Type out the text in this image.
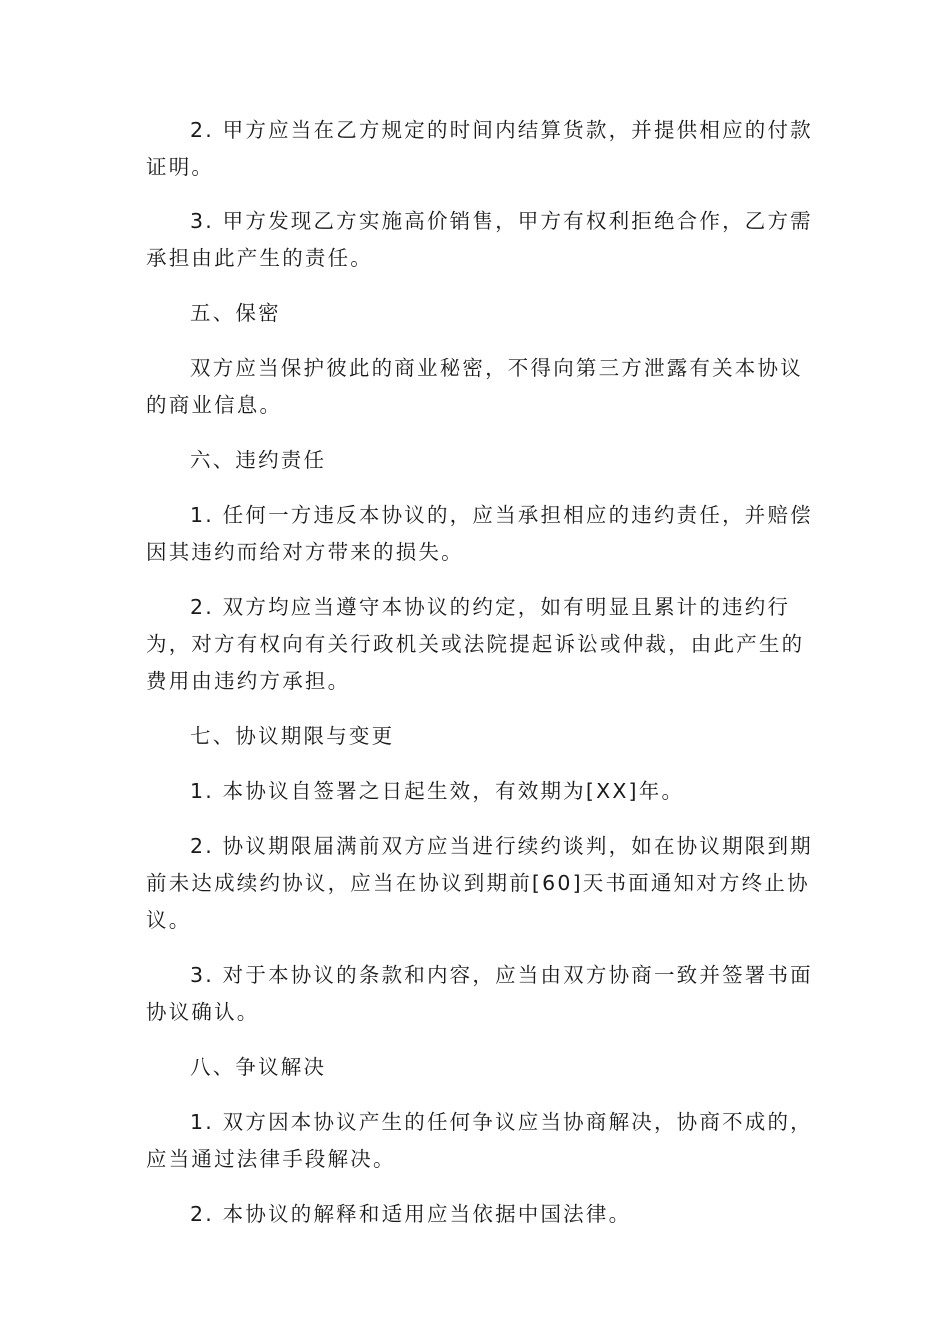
2. 甲方应当在乙方规定的时间内结算货款，并提供相应的付款证明。

3. 甲方发现乙方实施高价销售，甲方有权利拒绝合作，乙方需承担由此产生的责任。

五、保密

双方应当保护彼此的商业秘密，不得向第三方泄露有关本协议的商业信息。

六、违约责任

1. 任何一方违反本协议的，应当承担相应的违约责任，并赔偿因其违约而给对方带来的损失。

2. 双方均应当遵守本协议的约定，如有明显且累计的违约行为，对方有权向有关行政机关或法院提起诉讼或仲裁，由此产生的费用由违约方承担。

七、协议期限与变更

1. 本协议自签署之日起生效，有效期为[XX]年。

2. 协议期限届满前双方应当进行续约谈判，如在协议期限到期前未达成续约协议，应当在协议到期前[60]天书面通知对方终止协议。

3. 对于本协议的条款和内容，应当由双方协商一致并签署书面协议确认。

八、争议解决

1. 双方因本协议产生的任何争议应当协商解决，协商不成的，应当通过法律手段解决。

2. 本协议的解释和适用应当依据中国法律。
